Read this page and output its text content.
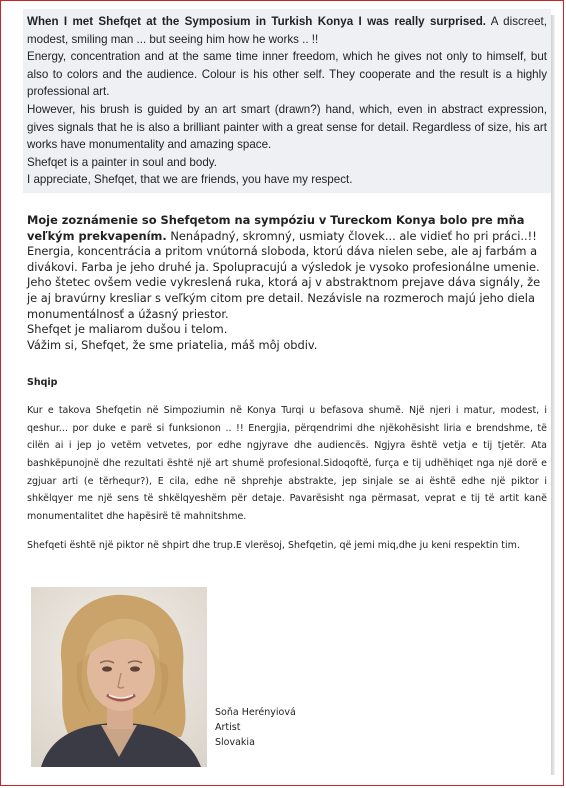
When I met Shefqet at the Symposium in Turkish Konya I was really surprised. A discreet, modest, smiling man ... but seeing him how he works .. !!

Energy, concentration and at the same time inner freedom, which he gives not only to himself, but also to colors and the audience. Colour is his other self. They cooperate and the result is a highly professional art.

However, his brush is guided by an art smart (drawn?) hand, which, even in abstract expression, gives signals that he is also a brilliant painter with a great sense for detail. Regardless of size, his art works have monumentality and amazing space.

Shefqet is a painter in soul and body.

I appreciate, Shefqet, that we are friends, you have my respect.

Moje zoznámenie so Shefqetom na sympóziu v Tureckom Konya bolo pre mňa veľkým prekvapením. Nenápadný, skromný, usmiaty človek... ale vidieť ho pri práci..!!

Energia, koncentrácia a pritom vnútorná sloboda, ktorú dáva nielen sebe, ale aj farbám a divákovi. Farba je jeho druhé ja. Spolupracujú a výsledok je vysoko profesionálne umenie.

Jeho štetec ovšem vedie vykreslená ruka, ktorá aj v abstraktnom prejave dáva signály, že je aj bravúrny kresliar s veľkým citom pre detail. Nezávisle na rozmeroch majú jeho diela monumentálnosť a úžasný priestor.

Shefqet je maliarom dušou i telom.

Vážim si, Shefqet, že sme priatelia, máš môj obdiv.

Shqip

Kur e takova Shefqetin në Simpoziumin në Konya Turqi u befasova shumë. Një njeri i matur, modest, i qeshur... por duke e parë si funksionon .. !! Energjia, përqendrimi dhe njëkohësisht liria e brendshme, të cilën ai i jep jo vetëm vetvetes, por edhe ngjyrave dhe audiencës. Ngjyra është vetja e tij tjetër. Ata bashkëpunojnë dhe rezultati është një art shumë profesional.Sidoqoftë, furça e tij udhëhiqet nga një dorë e zgjuar arti (e tërhequr?), E cila, edhe në shprehje abstrakte, jep sinjale se ai është edhe një piktor i shkëlqyer me një sens të shkëlqyeshëm për detaje. Pavarësisht nga përmasat, veprat e tij të artit kanë monumentalitet dhe hapësirë të mahnitshme.

Shefqeti është një piktor në shpirt dhe trup.E vlerësoj, Shefqetin, që jemi miq,dhe ju keni respektin tim.
Soňa Herényiová
Artist
Slovakia
